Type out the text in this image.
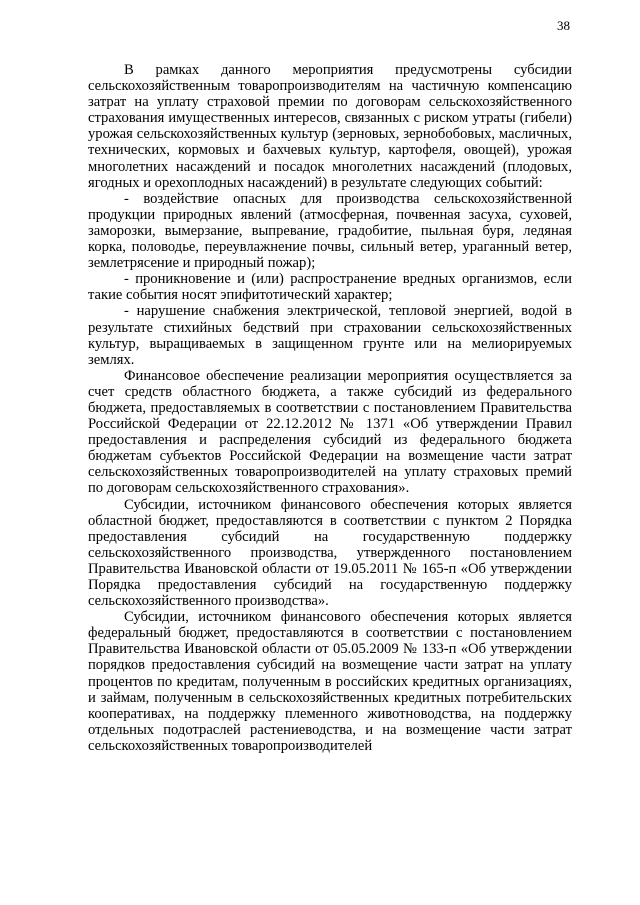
38

В рамках данного мероприятия предусмотрены субсидии сельскохозяйственным товаропроизводителям на частичную компенсацию затрат на уплату страховой премии по договорам сельскохозяйственного страхования имущественных интересов, связанных с риском утраты (гибели) урожая сельскохозяйственных культур (зерновых, зернобобовых, масличных, технических, кормовых и бахчевых культур, картофеля, овощей), урожая многолетних насаждений и посадок многолетних насаждений (плодовых, ягодных и орехоплодных насаждений) в результате следующих событий:

- воздействие опасных для производства сельскохозяйственной продукции природных явлений (атмосферная, почвенная засуха, суховей, заморозки, вымерзание, выпревание, градобитие, пыльная буря, ледяная корка, половодье, переувлажнение почвы, сильный ветер, ураганный ветер, землетрясение и природный пожар);

- проникновение и (или) распространение вредных организмов, если такие события носят эпифитотический характер;

- нарушение снабжения электрической, тепловой энергией, водой в результате стихийных бедствий при страховании сельскохозяйственных культур, выращиваемых в защищенном грунте или на мелиорируемых землях.

Финансовое обеспечение реализации мероприятия осуществляется за счет средств областного бюджета, а также субсидий из федерального бюджета, предоставляемых в соответствии с постановлением Правительства Российской Федерации от 22.12.2012 № 1371 «Об утверждении Правил предоставления и распределения субсидий из федерального бюджета бюджетам субъектов Российской Федерации на возмещение части затрат сельскохозяйственных товаропроизводителей на уплату страховых премий по договорам сельскохозяйственного страхования».

Субсидии, источником финансового обеспечения которых является областной бюджет, предоставляются в соответствии с пунктом 2 Порядка предоставления субсидий на государственную поддержку сельскохозяйственного производства, утвержденного постановлением Правительства Ивановской области от 19.05.2011 № 165-п «Об утверждении Порядка предоставления субсидий на государственную поддержку сельскохозяйственного производства».

Субсидии, источником финансового обеспечения которых является федеральный бюджет, предоставляются в соответствии с постановлением Правительства Ивановской области от 05.05.2009 № 133-п «Об утверждении порядков предоставления субсидий на возмещение части затрат на уплату процентов по кредитам, полученным в российских кредитных организациях, и займам, полученным в сельскохозяйственных кредитных потребительских кооперативах, на поддержку племенного животноводства, на поддержку отдельных подотраслей растениеводства, и на возмещение части затрат сельскохозяйственных товаропроизводителей
